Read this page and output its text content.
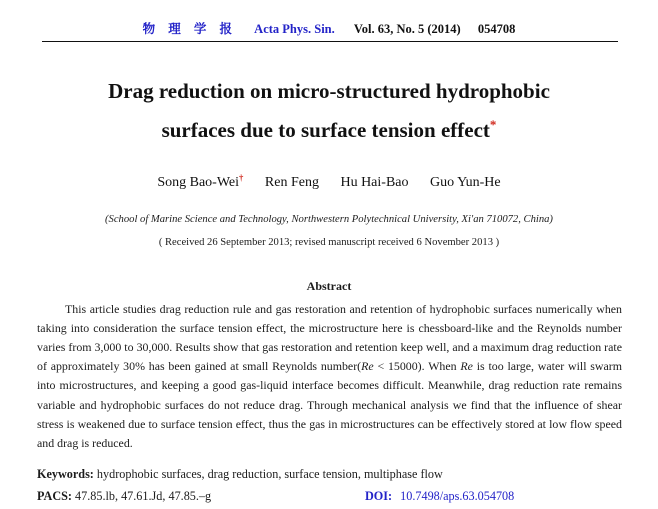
物 理 学 报 Acta Phys. Sin. Vol. 63, No. 5 (2014) 054708
Drag reduction on micro-structured hydrophobic
surfaces due to surface tension effect*
Song Bao-Wei† Ren Feng Hu Hai-Bao Guo Yun-He
(School of Marine Science and Technology, Northwestern Polytechnical University, Xi'an 710072, China)
( Received 26 September 2013; revised manuscript received 6 November 2013 )
Abstract
This article studies drag reduction rule and gas restoration and retention of hydrophobic surfaces numerically when taking into consideration the surface tension effect, the microstructure here is chessboard-like and the Reynolds number varies from 3,000 to 30,000. Results show that gas restoration and retention keep well, and a maximum drag reduction rate of approximately 30% has been gained at small Reynolds number(Re < 15000). When Re is too large, water will swarm into microstructures, and keeping a good gas-liquid interface becomes difficult. Meanwhile, drag reduction rate remains variable and hydrophobic surfaces do not reduce drag. Through mechanical analysis we find that the influence of shear stress is weakened due to surface tension effect, thus the gas in microstructures can be effectively stored at low flow speed and drag is reduced.
Keywords: hydrophobic surfaces, drag reduction, surface tension, multiphase flow
PACS: 47.85.lb, 47.61.Jd, 47.85.–g	DOI: 10.7498/aps.63.054708
